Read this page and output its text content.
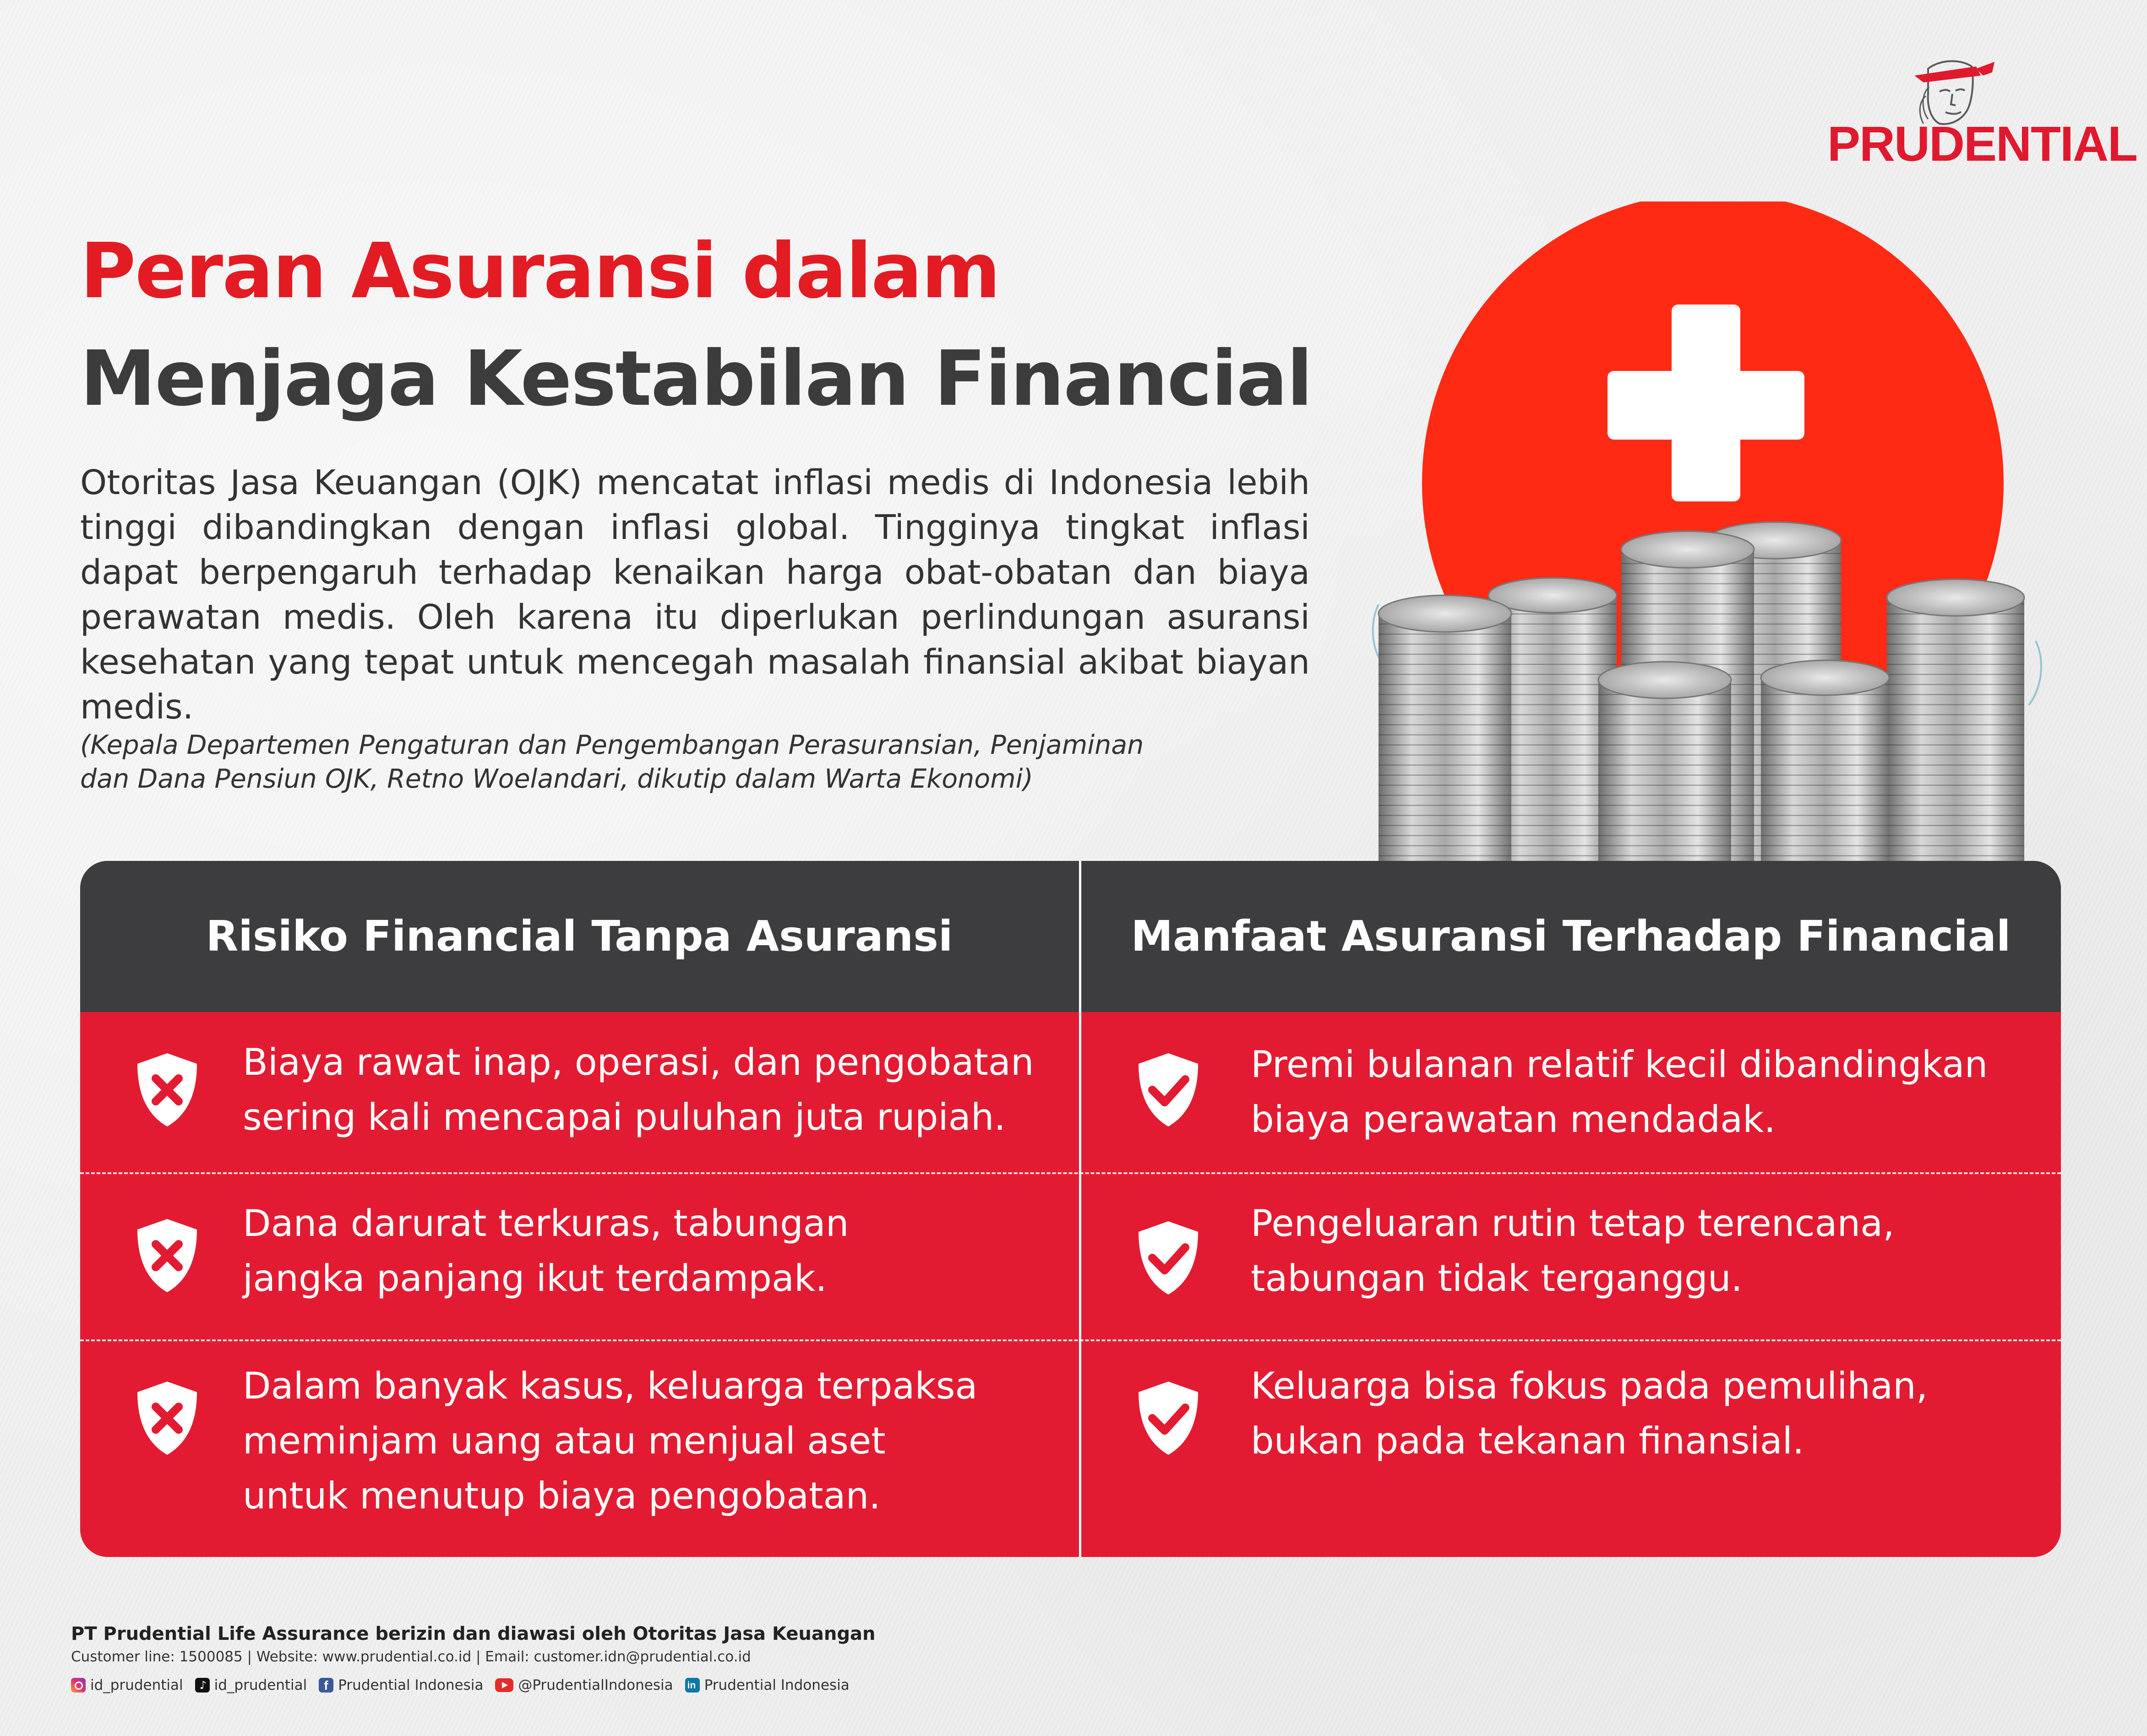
PRUDENTIAL
Peran Asuransi dalam
Menjaga Kestabilan Financial
Otoritas Jasa Keuangan (OJK) mencatat inflasi medis di Indonesia lebih tinggi dibandingkan dengan inflasi global. Tingginya tingkat inflasi dapat berpengaruh terhadap kenaikan harga obat-obatan dan biaya perawatan medis. Oleh karena itu diperlukan perlindungan asuransi kesehatan yang tepat untuk mencegah masalah finansial akibat biayan medis.
(Kepala Departemen Pengaturan dan Pengembangan Perasuransian, Penjaminan
dan Dana Pensiun OJK, Retno Woelandari, dikutip dalam Warta Ekonomi)
Risiko Financial Tanpa Asuransi	Manfaat Asuransi Terhadap Financial
Biaya rawat inap, operasi, dan pengobatan
sering kali mencapai puluhan juta rupiah.
Premi bulanan relatif kecil dibandingkan
biaya perawatan mendadak.
Dana darurat terkuras, tabungan
jangka panjang ikut terdampak.
Pengeluaran rutin tetap terencana,
tabungan tidak terganggu.
Dalam banyak kasus, keluarga terpaksa
meminjam uang atau menjual aset
untuk menutup biaya pengobatan.
Keluarga bisa fokus pada pemulihan,
bukan pada tekanan finansial.
PT Prudential Life Assurance berizin dan diawasi oleh Otoritas Jasa Keuangan
Customer line: 1500085 | Website: www.prudential.co.id | Email: customer.idn@prudential.co.id
id_prudential ♪ id_prudential f Prudential Indonesia @PrudentialIndonesia in Prudential Indonesia
